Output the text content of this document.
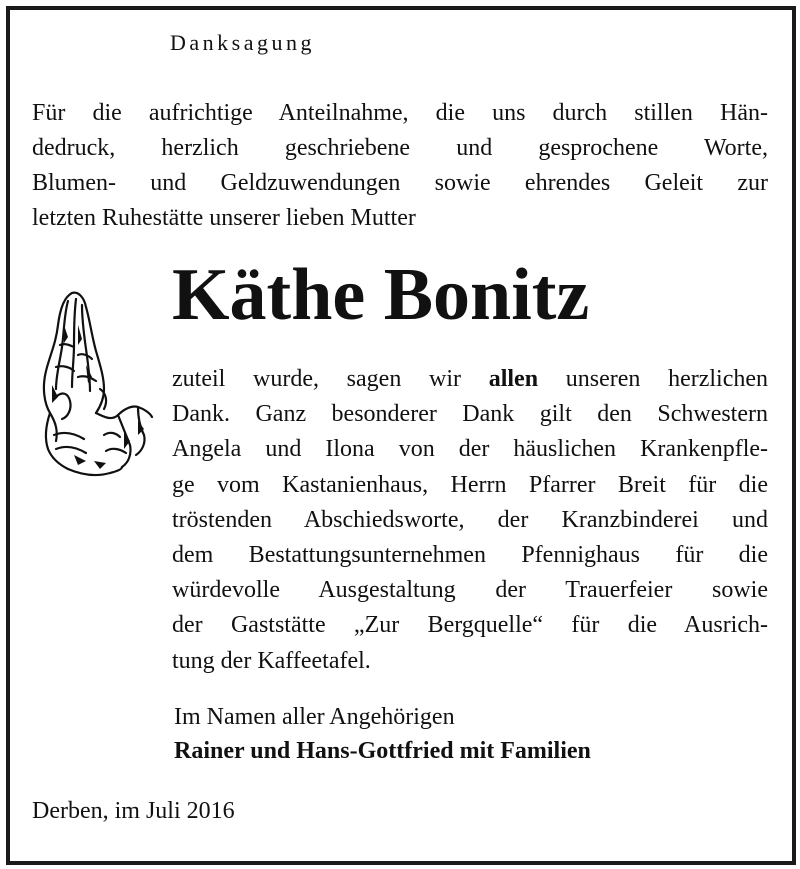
Danksagung
Für die aufrichtige Anteilnahme, die uns durch stillen Hän-
dedruck, herzlich geschriebene und gesprochene Worte,
Blumen- und Geldzuwendungen sowie ehrendes Geleit zur
letzten Ruhestätte unserer lieben Mutter
Käthe Bonitz
zuteil wurde, sagen wir allen unseren herzlichen
Dank. Ganz besonderer Dank gilt den Schwestern
Angela und Ilona von der häuslichen Krankenpfle-
ge vom Kastanienhaus, Herrn Pfarrer Breit für die
tröstenden Abschiedsworte, der Kranzbinderei und
dem Bestattungsunternehmen Pfennighaus für die
würdevolle Ausgestaltung der Trauerfeier sowie
der Gaststätte „Zur Bergquelle“ für die Ausrich-
tung der Kaffeetafel.
Im Namen aller Angehörigen
Rainer und Hans-Gottfried mit Familien
Derben, im Juli 2016
